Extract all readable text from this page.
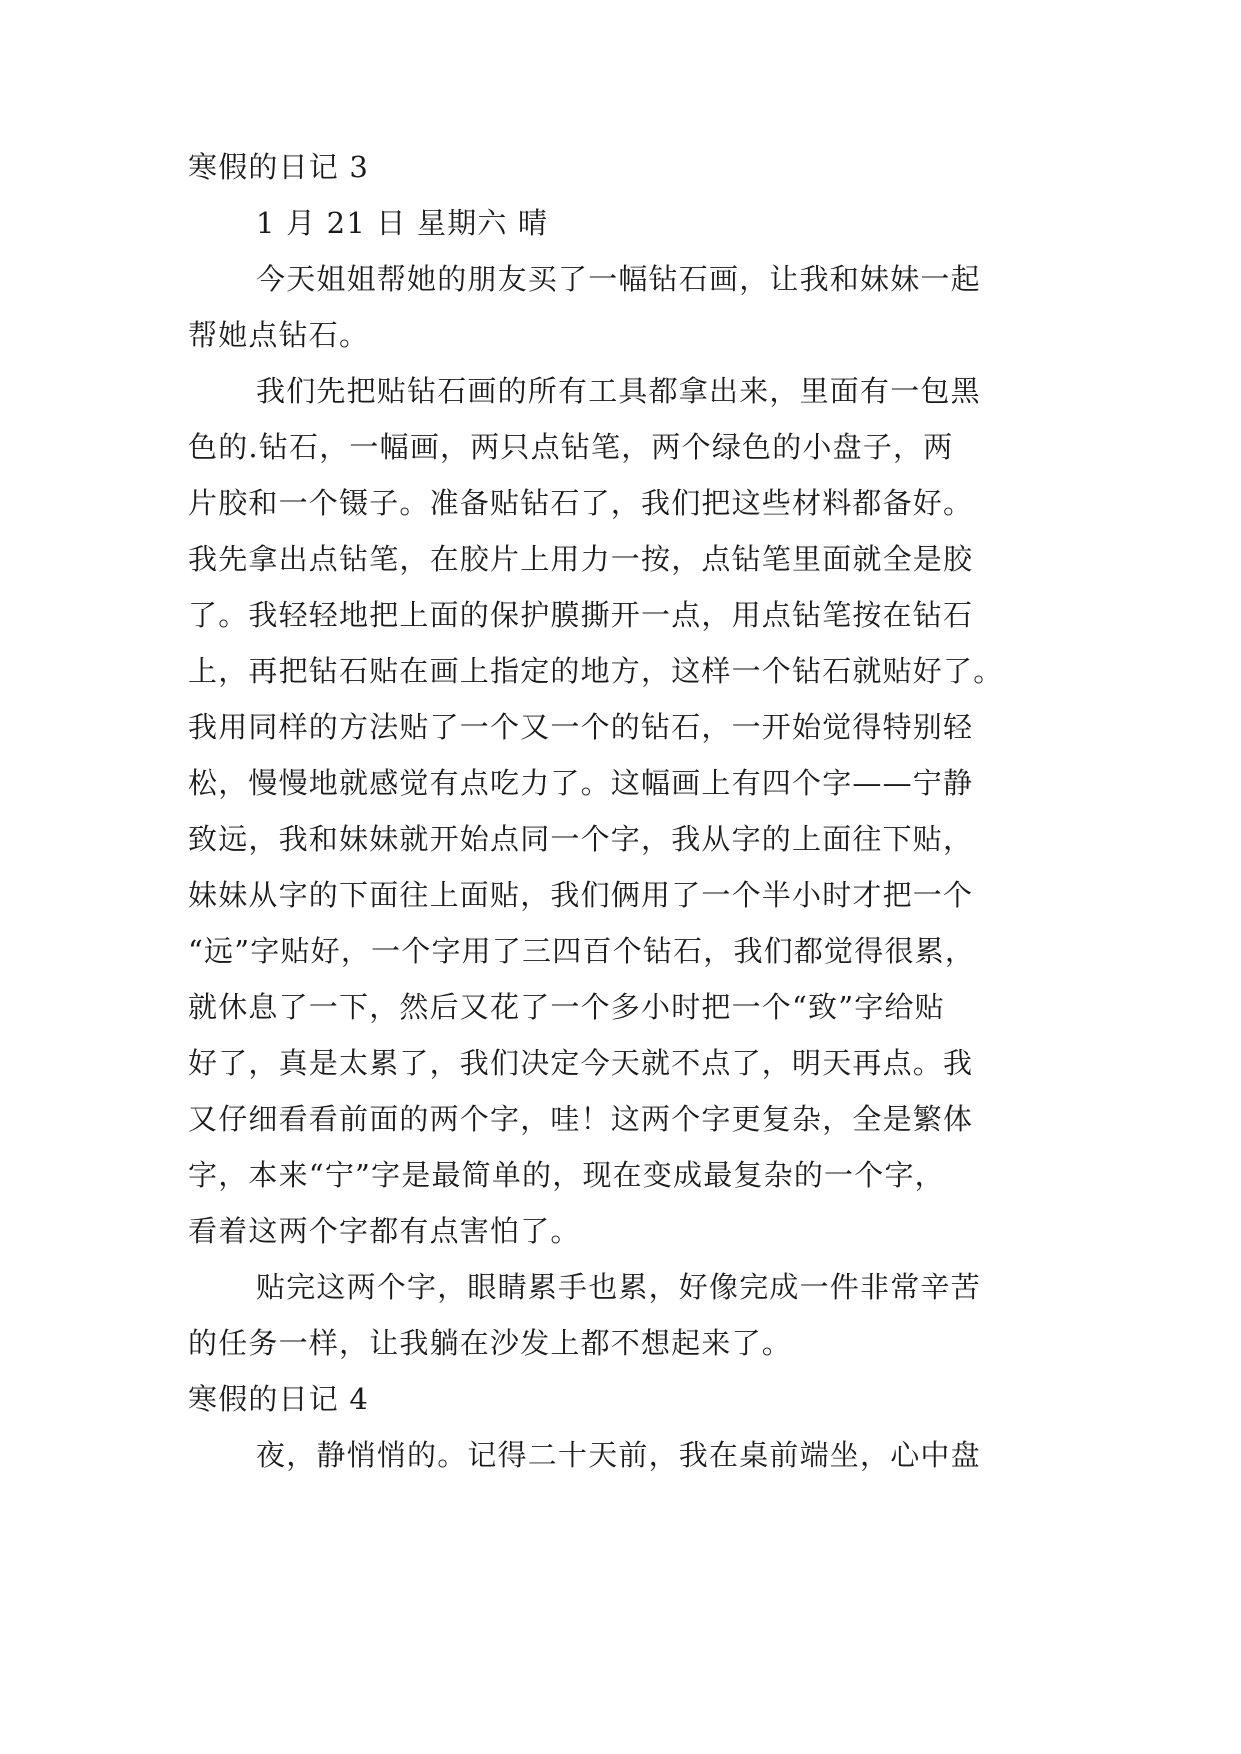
寒假的日记 3
1 月 21 日 星期六 晴
今天姐姐帮她的朋友买了一幅钻石画，让我和妹妹一起
帮她点钻石。
我们先把贴钻石画的所有工具都拿出来，里面有一包黑
色的.钻石，一幅画，两只点钻笔，两个绿色的小盘子，两
片胶和一个镊子。准备贴钻石了，我们把这些材料都备好。
我先拿出点钻笔，在胶片上用力一按，点钻笔里面就全是胶
了。我轻轻地把上面的保护膜撕开一点，用点钻笔按在钻石
上，再把钻石贴在画上指定的地方，这样一个钻石就贴好了。
我用同样的方法贴了一个又一个的钻石，一开始觉得特别轻
松，慢慢地就感觉有点吃力了。这幅画上有四个字——宁静
致远，我和妹妹就开始点同一个字，我从字的上面往下贴，
妹妹从字的下面往上面贴，我们俩用了一个半小时才把一个
“远”字贴好，一个字用了三四百个钻石，我们都觉得很累，
就休息了一下，然后又花了一个多小时把一个“致”字给贴
好了，真是太累了，我们决定今天就不点了，明天再点。我
又仔细看看前面的两个字，哇！这两个字更复杂，全是繁体
字，本来“宁”字是最简单的，现在变成最复杂的一个字，
看着这两个字都有点害怕了。
贴完这两个字，眼睛累手也累，好像完成一件非常辛苦
的任务一样，让我躺在沙发上都不想起来了。
寒假的日记 4
夜，静悄悄的。记得二十天前，我在桌前端坐，心中盘
